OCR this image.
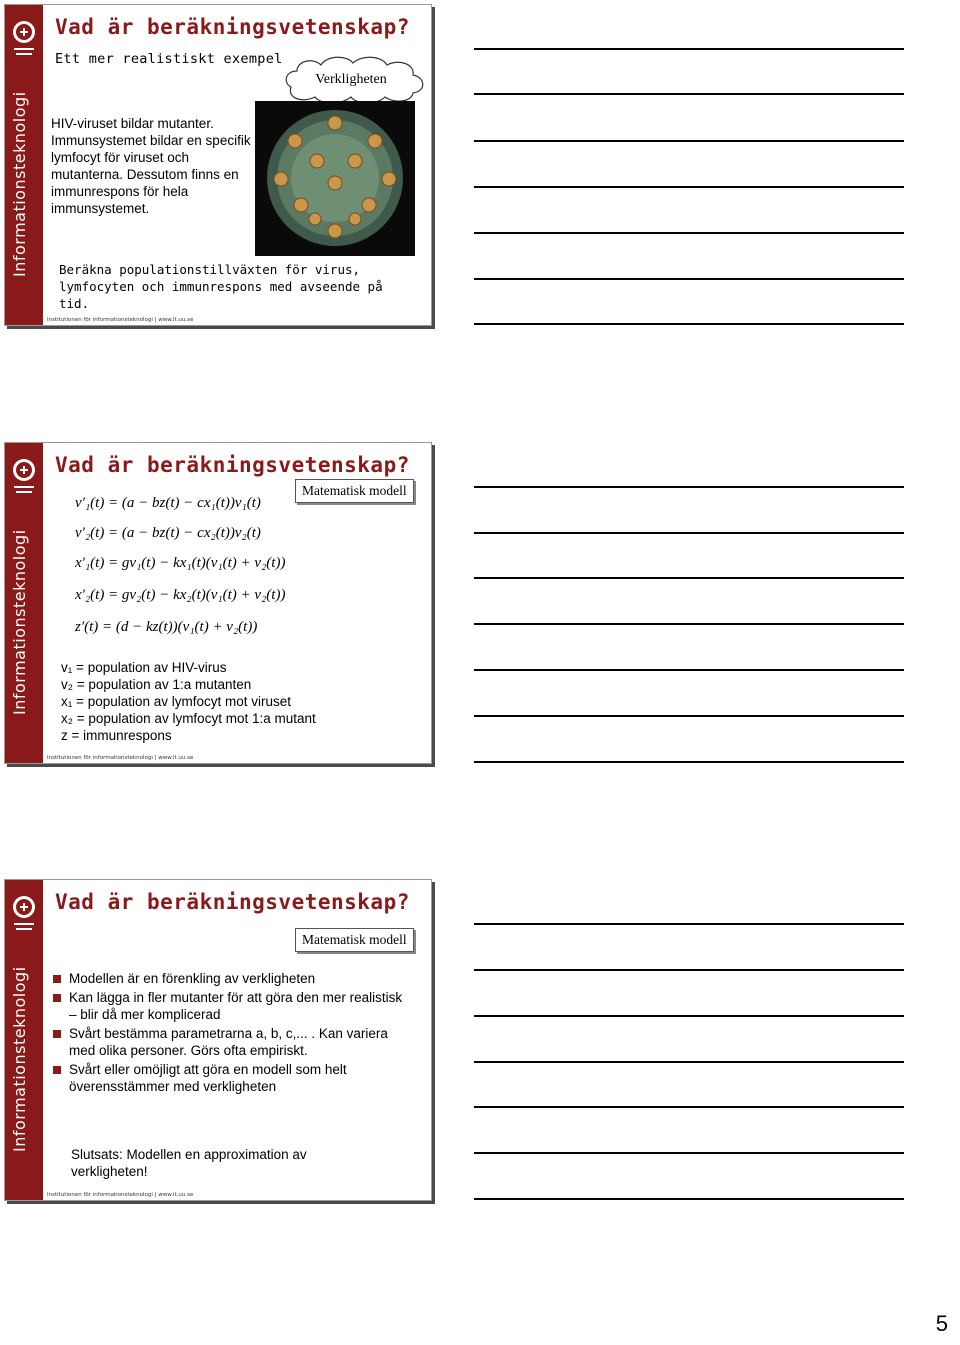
Informationsteknologi
Vad är beräkningsvetenskap?
Ett mer realistiskt exempel
Verkligheten
HIV-viruset bildar mutanter. Immunsystemet bildar en specifik lymfocyt för viruset och mutanterna. Dessutom finns en immunrespons för hela immunsystemet.
Beräkna populationstillväxten för virus, lymfocyten och immunrespons med avseende på tid.
Institutionen för informationsteknologi | www.it.uu.se
Informationsteknologi
Vad är beräkningsvetenskap?
Matematisk modell
v′₁(t) = (a − bz(t) − cx₁(t))v₁(t)
v′₂(t) = (a − bz(t) − cx₂(t))v₂(t)
x′₁(t) = gv₁(t) − kx₁(t)(v₁(t) + v₂(t))
x′₂(t) = gv₂(t) − kx₂(t)(v₁(t) + v₂(t))
z′(t) = (d − kz(t))(v₁(t) + v₂(t))
v₁ = population av HIV-virus
v₂ = population av 1:a mutanten
x₁ = population av lymfocyt mot viruset
x₂ = population av lymfocyt mot 1:a mutant
z = immunrespons
Institutionen för informationsteknologi | www.it.uu.se
Informationsteknologi
Vad är beräkningsvetenskap?
Matematisk modell
Modellen är en förenkling av verkligheten
Kan lägga in fler mutanter för att göra den mer realistisk – blir då mer komplicerad
Svårt bestämma parametrarna a, b, c,... . Kan variera med olika personer. Görs ofta empiriskt.
Svårt eller omöjligt att göra en modell som helt överensstämmer med verkligheten
Slutsats: Modellen en approximation av verkligheten!
Institutionen för informationsteknologi | www.it.uu.se
5
